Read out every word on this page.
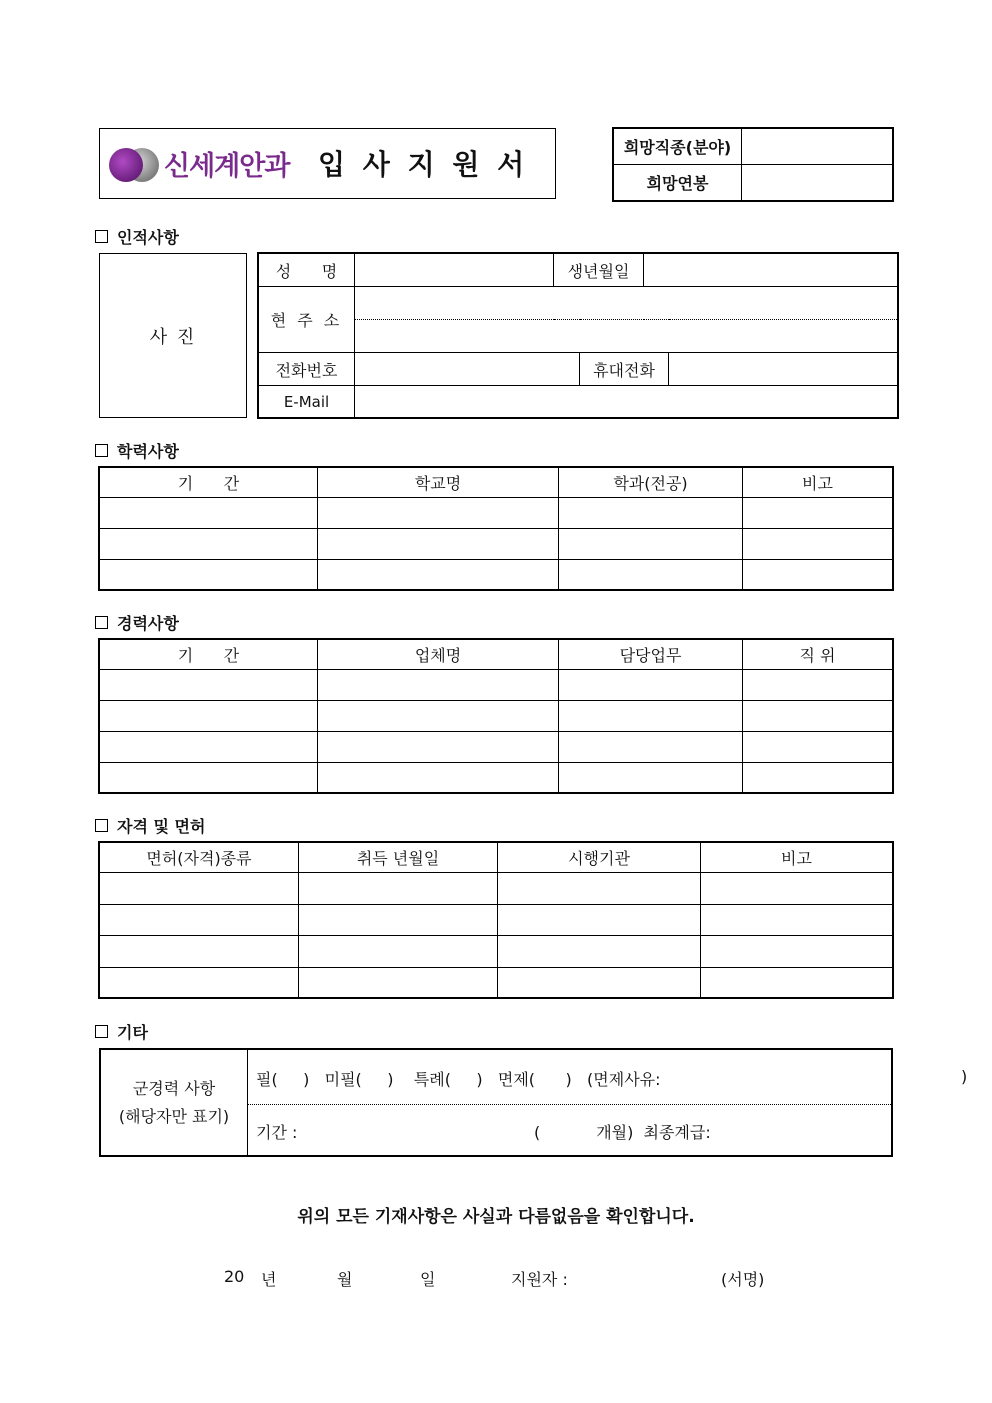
신세계안과 입 사 지 원 서
희망직종(분야)	
희망연봉	
인적사항
사 진
성      명		생년월일			
현 주 소					

전화번호			휴대전화		
E-Mail					
학력사항
기      간	학교명	학과(전공)	비고

경력사항
기      간	업체명	담당업무	직 위

자격 및 면허
면허(자격)종류	취득 년월일	시행기관	비고

기타
군경력 사항
(해당자만 표기)
필(     )   미필(     )    특례(     )   면제(      )   (면제사유:	)
기간 :	(           개월)  최종계급:
위의 모든 기재사항은 사실과 다름없음을 확인합니다.
20 년	월	일	지원자 :	(서명)
